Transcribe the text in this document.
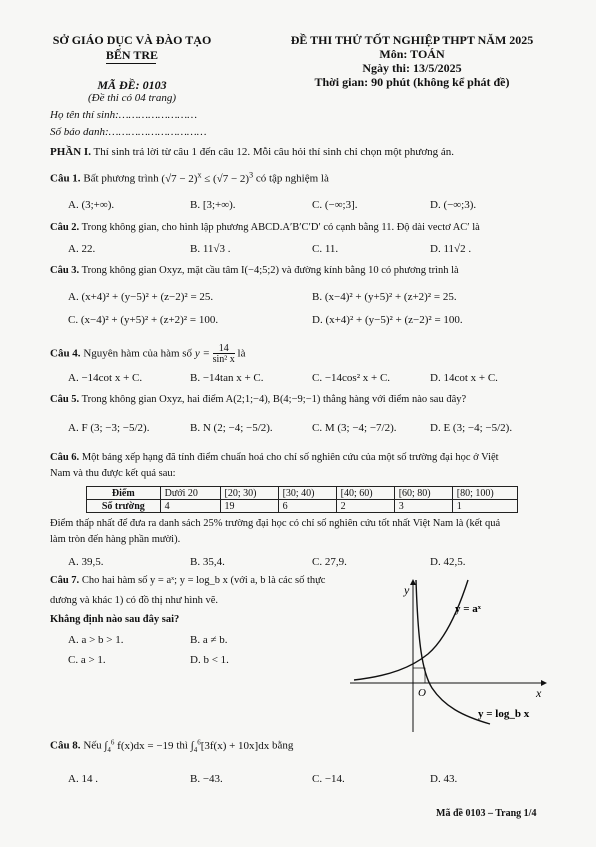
SỞ GIÁO DỤC VÀ ĐÀO TẠO
BẾN TRE
ĐỀ THI THỬ TỐT NGHIỆP THPT NĂM 2025
Môn: TOÁN
Ngày thi: 13/5/2025
Thời gian: 90 phút (không kể phát đề)
MÃ ĐỀ: 0103
(Đề thi có 04 trang)
Họ tên thí sinh:……………………
Số báo danh:…………………………
PHẦN I. Thí sinh trả lời từ câu 1 đến câu 12. Mỗi câu hỏi thí sinh chỉ chọn một phương án.
Câu 1. Bất phương trình $(√7 - 2)^x \le (√7 - 2)^3$ có tập nghiệm là
A. (3;+∞).	B. [3;+∞).	C. (−∞;3].	D. (−∞;3).
Câu 2. Trong không gian, cho hình lập phương ABCD.A′B′C′D′ có cạnh bằng 11. Độ dài vectơ AC′ là
A. 22.	B. 11√3 .	C. 11.	D. 11√2 .
Câu 3. Trong không gian Oxyz, mặt cầu tâm I(−4;5;2) và đường kính bằng 10 có phương trình là
A. (x+4)² + (y−5)² + (z−2)² = 25.	B. (x−4)² + (y+5)² + (z+2)² = 25.
C. (x−4)² + (y+5)² + (z+2)² = 100.	D. (x+4)² + (y−5)² + (z−2)² = 100.
Câu 4. Nguyên hàm của hàm số y = 14
sin² x là
A. −14cot x + C.	B. −14tan x + C.	C. −14cos² x + C.	D. 14cot x + C.
Câu 5. Trong không gian Oxyz, hai điểm A(2;1;−4), B(4;−9;−1) thẳng hàng với điểm nào sau đây?
A. F (3; −3; −5/2).	B. N (2; −4; −5/2).	C. M (3; −4; −7/2).	D. E (3; −4; −5/2).
Câu 6. Một bảng xếp hạng đã tính điểm chuẩn hoá cho chỉ số nghiên cứu của một số trường đại học ở Việt
Nam và thu được kết quả sau:
Điểm	Dưới 20	[20; 30)	[30; 40)	[40; 60)	[60; 80)	[80; 100)
Số trường	4	19	6	2	3	1
Điểm thấp nhất để đưa ra danh sách 25% trường đại học có chỉ số nghiên cứu tốt nhất Việt Nam là (kết quả
làm tròn đến hàng phần mười).
A. 39,5.	B. 35,4.	C. 27,9.	D. 42,5.
Câu 7. Cho hai hàm số y = aˣ; y = log_b x (với a, b là các số thực
dương và khác 1) có đồ thị như hình vẽ.
Khẳng định nào sau đây sai?
A. a > b > 1.	B. a ≠ b.
C. a > 1.	D. b < 1.
y
x
O
y = aˣ
y = log_b x
Câu 8. Nếu $\int_4^6$ f(x)dx = −19 thì $\int_4^6[3f(x) + 10x]dx$ bằng
A. 14 .	B. −43.	C. −14.	D. 43.
Mã đề 0103 – Trang 1/4
